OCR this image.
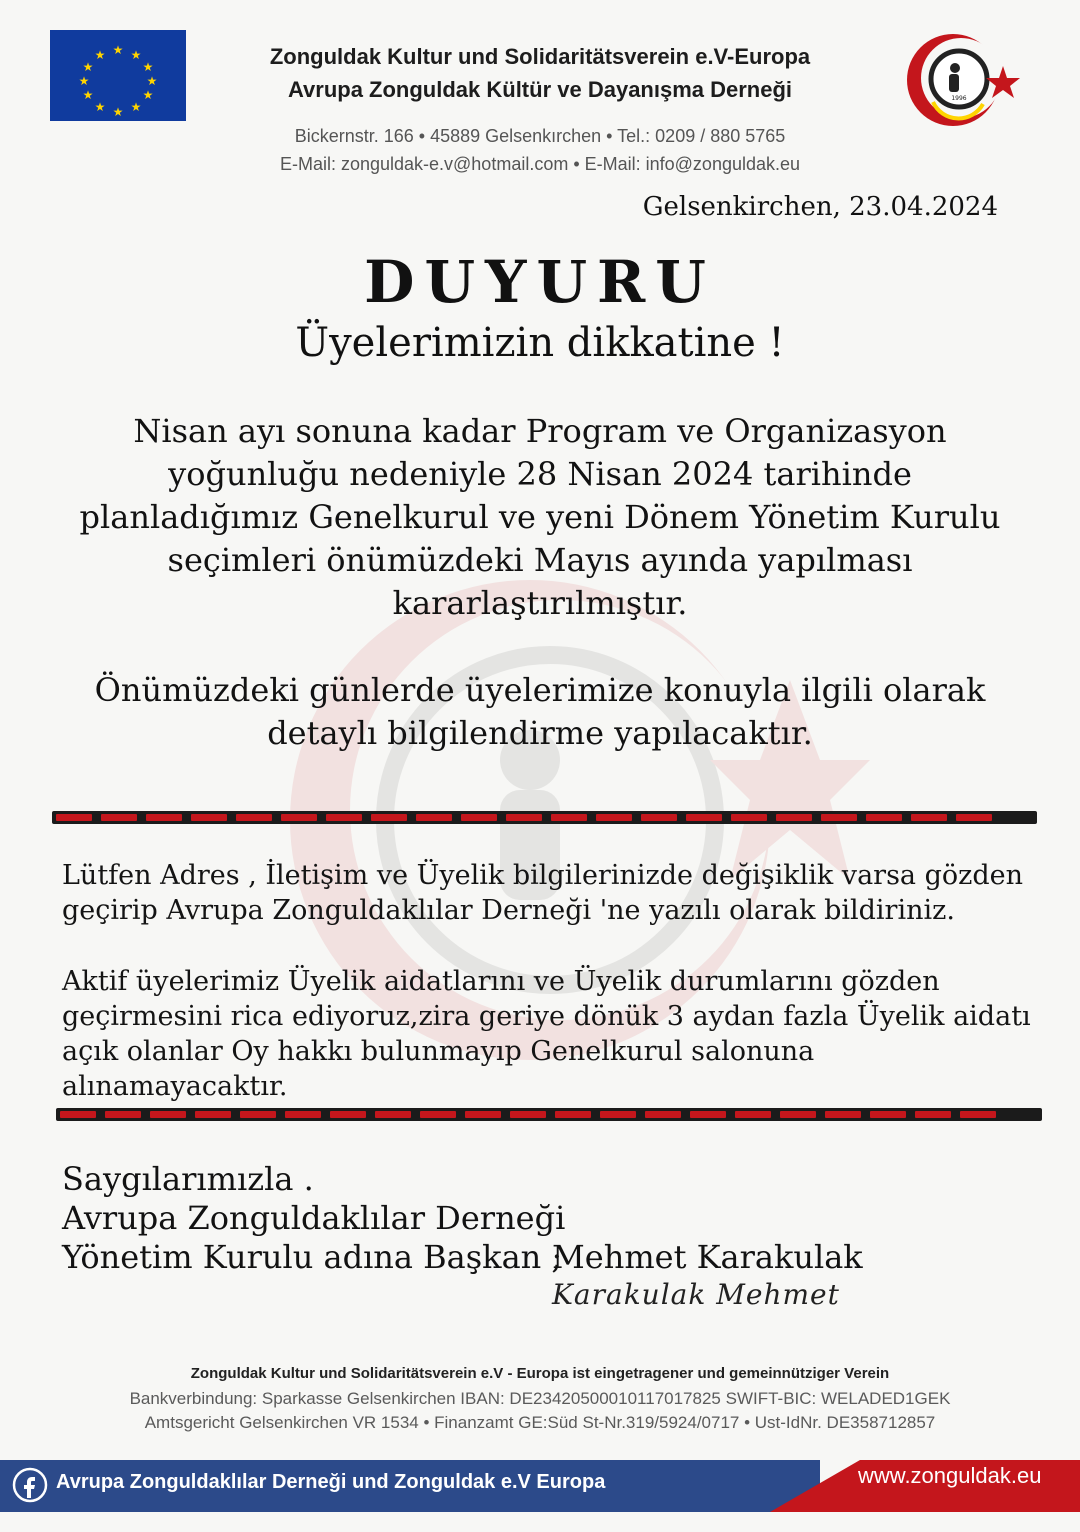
★ ★
★
★
★
★
★
★
★
★
★
★	Zonguldak Kultur und Solidaritätsverein e.V-Europa
Avrupa Zonguldak Kültür ve Dayanışma Derneği
Bickernstr. 166 • 45889 Gelsenkırchen • Tel.: 0209 / 880 5765
E-Mail: zonguldak-e.v@hotmail.com • E-Mail: info@zonguldak.eu
1996
Gelsenkirchen, 23.04.2024
DUYURU
Üyelerimizin dikkatine !
Nisan ayı sonuna kadar Program ve Organizasyon
yoğunluğu nedeniyle 28 Nisan 2024 tarihinde
planladığımız Genelkurul ve yeni Dönem Yönetim Kurulu
seçimleri önümüzdeki Mayıs ayında yapılması
kararlaştırılmıştır.
Önümüzdeki günlerde üyelerimize konuyla ilgili olarak
detaylı bilgilendirme yapılacaktır.
Lütfen Adres , İletişim ve Üyelik bilgilerinizde değişiklik varsa gözden
geçirip Avrupa Zonguldaklılar Derneği 'ne yazılı olarak bildiriniz.
Aktif üyelerimiz Üyelik aidatlarını ve Üyelik durumlarını gözden
geçirmesini rica ediyoruz,zira geriye dönük 3 aydan fazla Üyelik aidatı
açık olanlar Oy hakkı bulunmayıp Genelkurul salonuna
alınamayacaktır.
Saygılarımızla .
Avrupa Zonguldaklılar Derneği
Yönetim Kurulu adına Başkan ;
Mehmet Karakulak
Karakulak Mehmet
Zonguldak Kultur und Solidaritätsverein e.V - Europa ist eingetragener und gemeinnütziger Verein
Bankverbindung: Sparkasse Gelsenkirchen IBAN: DE23420500010117017825 SWIFT-BIC: WELADED1GEK
Amtsgericht Gelsenkirchen VR 1534 • Finanzamt GE:Süd St-Nr.319/5924/0717 • Ust-IdNr. DE358712857
Avrupa Zonguldaklılar Derneği und Zonguldak e.V Europa	www.zonguldak.eu
